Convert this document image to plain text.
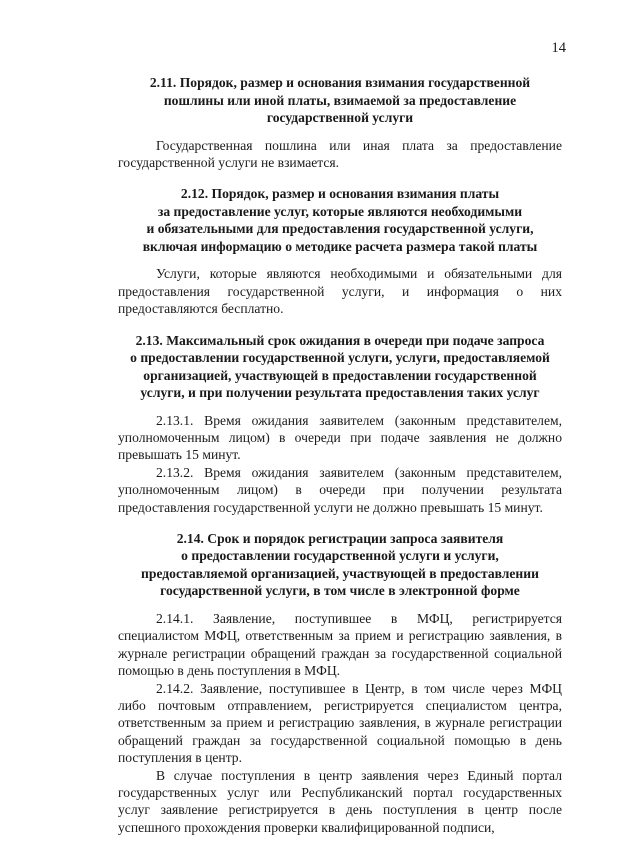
14
2.11. Порядок, размер и основания взимания государственной
пошлины или иной платы, взимаемой за предоставление
государственной услуги

Государственная пошлина или иная плата за предоставление государственной услуги не взимается.

2.12. Порядок, размер и основания взимания платы
за предоставление услуг, которые являются необходимыми
и обязательными для предоставления государственной услуги,
включая информацию о методике расчета размера такой платы

Услуги, которые являются необходимыми и обязательными для предоставления государственной услуги, и информация о них предоставляются бесплатно.

2.13. Максимальный срок ожидания в очереди при подаче запроса
о предоставлении государственной услуги, услуги, предоставляемой
организацией, участвующей в предоставлении государственной
услуги, и при получении результата предоставления таких услуг

2.13.1. Время ожидания заявителем (законным представителем, уполномоченным лицом) в очереди при подаче заявления не должно превышать 15 минут.

2.13.2. Время ожидания заявителем (законным представителем, уполномоченным лицом) в очереди при получении результата предоставления государственной услуги не должно превышать 15 минут.

2.14. Срок и порядок регистрации запроса заявителя
о предоставлении государственной услуги и услуги,
предоставляемой организацией, участвующей в предоставлении
государственной услуги, в том числе в электронной форме

2.14.1. Заявление, поступившее в МФЦ, регистрируется специалистом МФЦ, ответственным за прием и регистрацию заявления, в журнале регистрации обращений граждан за государственной социальной помощью в день поступления в МФЦ.

2.14.2. Заявление, поступившее в Центр, в том числе через МФЦ либо почтовым отправлением, регистрируется специалистом центра, ответственным за прием и регистрацию заявления, в журнале регистрации обращений граждан за государственной социальной помощью в день поступления в центр.

В случае поступления в центр заявления через Единый портал государственных услуг или Республиканский портал государственных услуг заявление регистрируется в день поступления в центр после успешного прохождения проверки квалифицированной подписи,
